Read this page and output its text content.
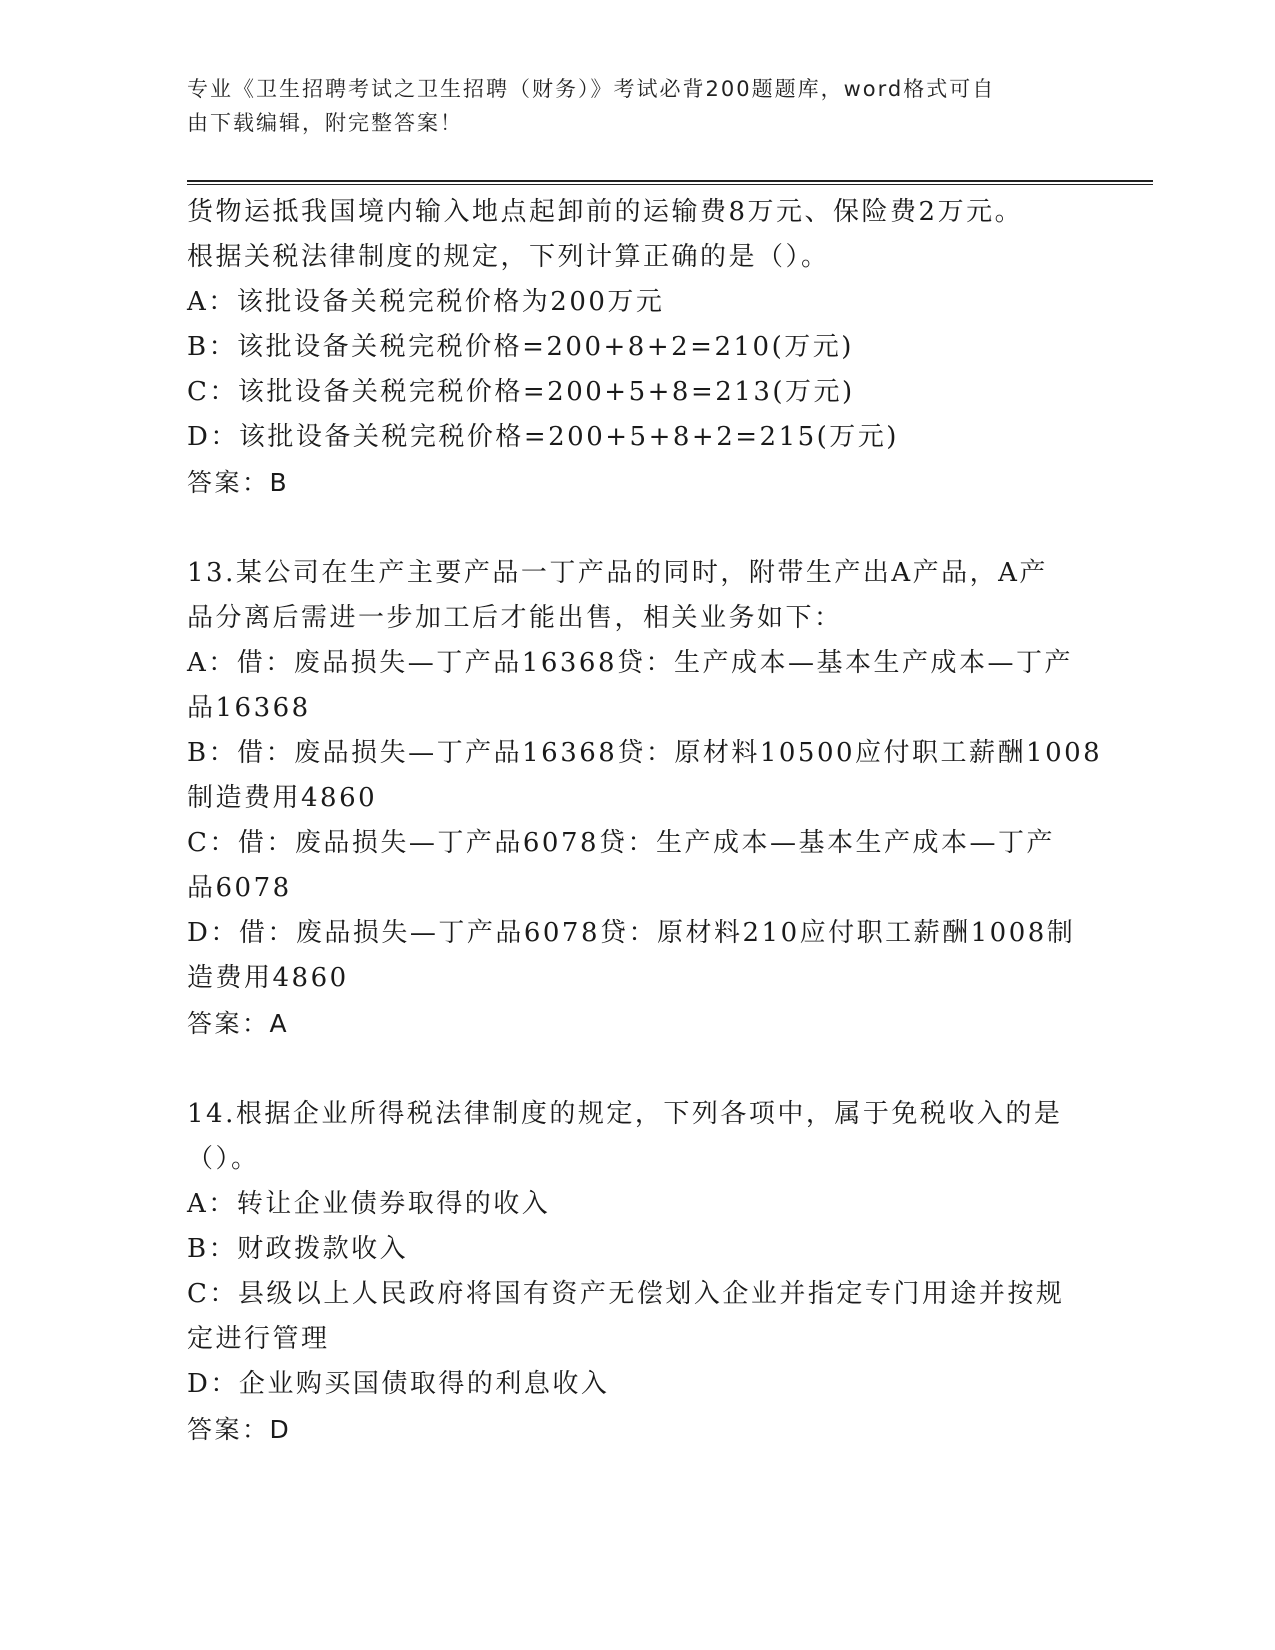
专业《卫生招聘考试之卫生招聘（财务）》考试必背200题题库，word格式可自
由下载编辑，附完整答案！
货物运抵我国境内输入地点起卸前的运输费8万元、保险费2万元。
根据关税法律制度的规定，下列计算正确的是（）。
A：该批设备关税完税价格为200万元
B：该批设备关税完税价格=200+8+2=210(万元)
C：该批设备关税完税价格=200+5+8=213(万元)
D：该批设备关税完税价格=200+5+8+2=215(万元)
答案：B
13.某公司在生产主要产品一丁产品的同时，附带生产出A产品，A产
品分离后需进一步加工后才能出售，相关业务如下：
A：借：废品损失—丁产品16368贷：生产成本—基本生产成本—丁产
品16368
B：借：废品损失—丁产品16368贷：原材料10500应付职工薪酬1008
制造费用4860
C：借：废品损失—丁产品6078贷：生产成本—基本生产成本—丁产
品6078
D：借：废品损失—丁产品6078贷：原材料210应付职工薪酬1008制
造费用4860
答案：A
14.根据企业所得税法律制度的规定，下列各项中，属于免税收入的是
（）。
A：转让企业债券取得的收入
B：财政拨款收入
C：县级以上人民政府将国有资产无偿划入企业并指定专门用途并按规
定进行管理
D：企业购买国债取得的利息收入
答案：D
